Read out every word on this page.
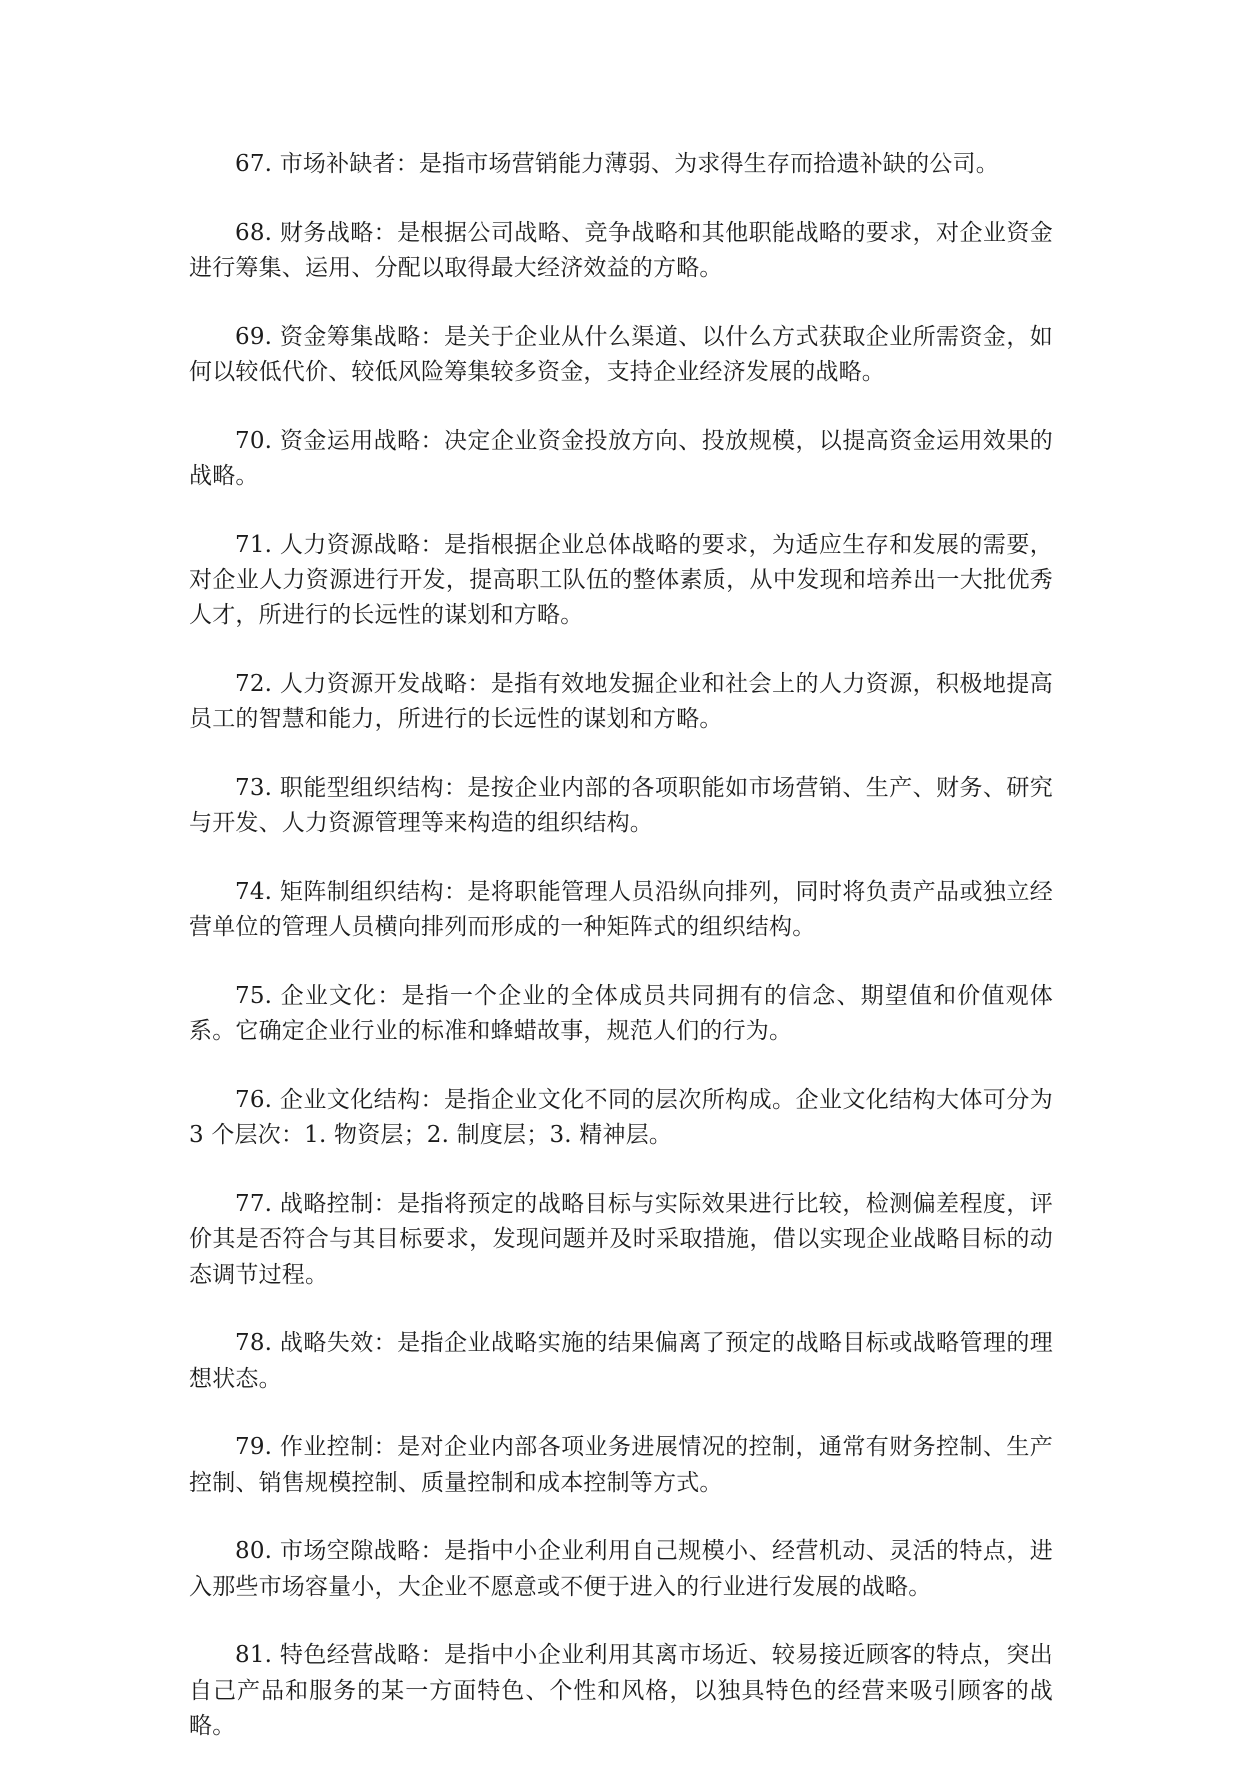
67. 市场补缺者：是指市场营销能力薄弱、为求得生存而拾遗补缺的公司。

68. 财务战略：是根据公司战略、竞争战略和其他职能战略的要求，对企业资金进行筹集、运用、分配以取得最大经济效益的方略。

69. 资金筹集战略：是关于企业从什么渠道、以什么方式获取企业所需资金，如何以较低代价、较低风险筹集较多资金，支持企业经济发展的战略。

70. 资金运用战略：决定企业资金投放方向、投放规模，以提高资金运用效果的战略。

71. 人力资源战略：是指根据企业总体战略的要求，为适应生存和发展的需要，对企业人力资源进行开发，提高职工队伍的整体素质，从中发现和培养出一大批优秀人才，所进行的长远性的谋划和方略。

72. 人力资源开发战略：是指有效地发掘企业和社会上的人力资源，积极地提高员工的智慧和能力，所进行的长远性的谋划和方略。

73. 职能型组织结构：是按企业内部的各项职能如市场营销、生产、财务、研究与开发、人力资源管理等来构造的组织结构。

74. 矩阵制组织结构：是将职能管理人员沿纵向排列，同时将负责产品或独立经营单位的管理人员横向排列而形成的一种矩阵式的组织结构。

75. 企业文化：是指一个企业的全体成员共同拥有的信念、期望值和价值观体系。它确定企业行业的标准和蜂蜡故事，规范人们的行为。

76. 企业文化结构：是指企业文化不同的层次所构成。企业文化结构大体可分为 3 个层次：1. 物资层；2. 制度层；3. 精神层。

77. 战略控制：是指将预定的战略目标与实际效果进行比较，检测偏差程度，评价其是否符合与其目标要求，发现问题并及时采取措施，借以实现企业战略目标的动态调节过程。

78. 战略失效：是指企业战略实施的结果偏离了预定的战略目标或战略管理的理想状态。

79. 作业控制：是对企业内部各项业务进展情况的控制，通常有财务控制、生产控制、销售规模控制、质量控制和成本控制等方式。

80. 市场空隙战略：是指中小企业利用自己规模小、经营机动、灵活的特点，进入那些市场容量小，大企业不愿意或不便于进入的行业进行发展的战略。

81. 特色经营战略：是指中小企业利用其离市场近、较易接近顾客的特点，突出自己产品和服务的某一方面特色、个性和风格，以独具特色的经营来吸引顾客的战略。
